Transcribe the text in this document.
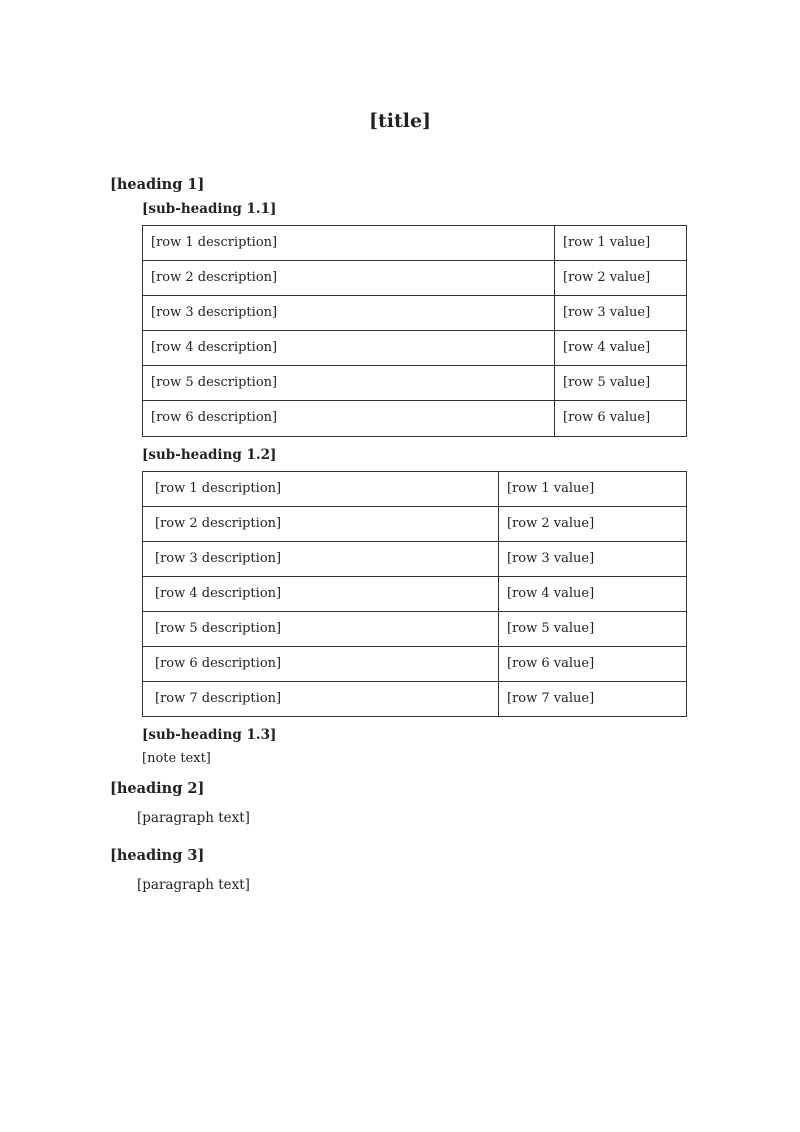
[title]
[heading 1]
[sub-heading 1.1]
[row 1 description]	[row 1 value]
[row 2 description]	[row 2 value]
[row 3 description]	[row 3 value]
[row 4 description]	[row 4 value]
[row 5 description]	[row 5 value]
[row 6 description]	[row 6 value]
[sub-heading 1.2]
[row 1 description]	[row 1 value]
[row 2 description]	[row 2 value]
[row 3 description]	[row 3 value]
[row 4 description]	[row 4 value]
[row 5 description]	[row 5 value]
[row 6 description]	[row 6 value]
[row 7 description]	[row 7 value]
[sub-heading 1.3]
[note text]
[heading 2]

[paragraph text]

[heading 3]

[paragraph text]
